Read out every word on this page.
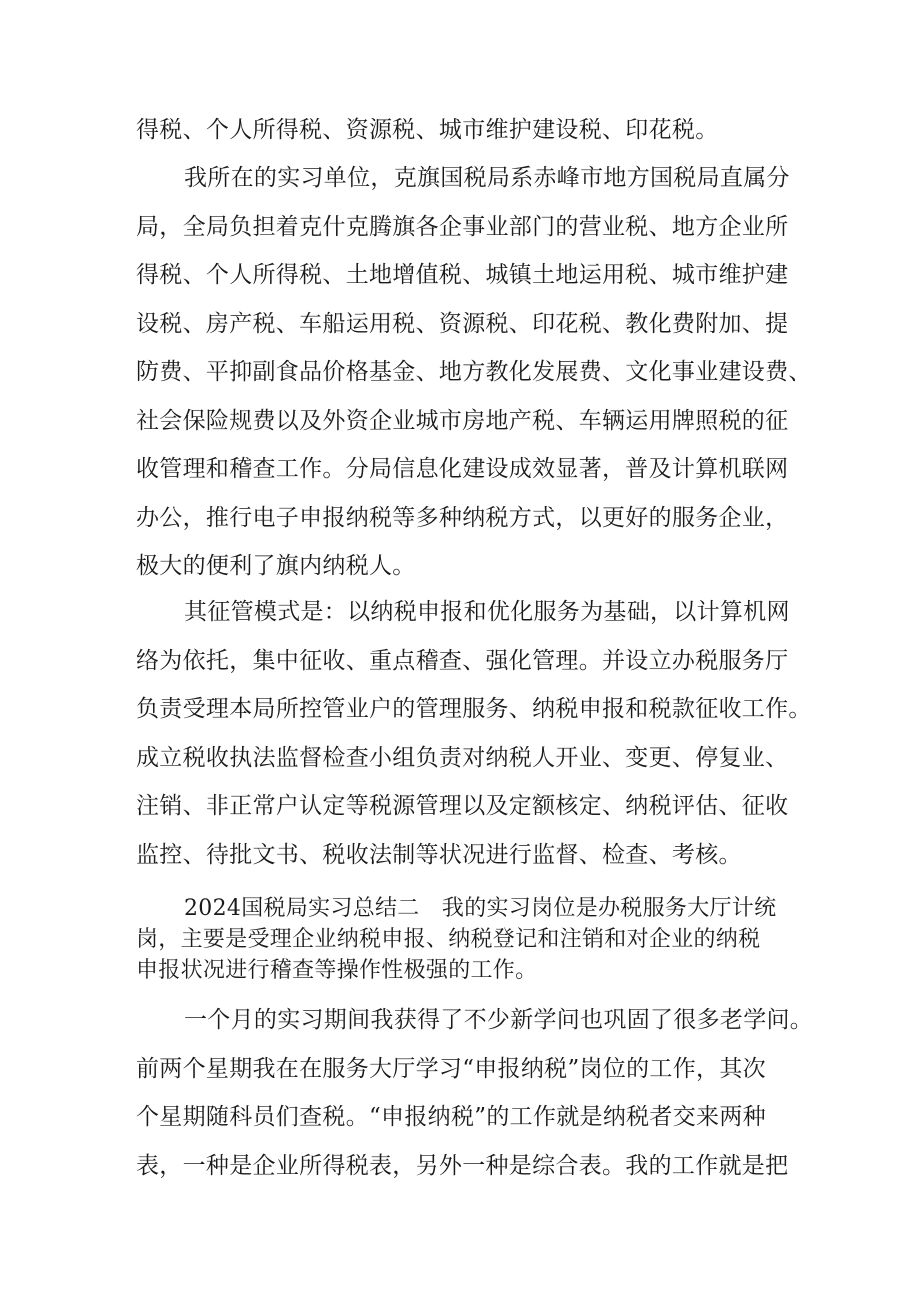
得税、个人所得税、资源税、城市维护建设税、印花税。
我所在的实习单位，克旗国税局系赤峰市地方国税局直属分
局，全局负担着克什克腾旗各企事业部门的营业税、地方企业所
得税、个人所得税、土地增值税、城镇土地运用税、城市维护建
设税、房产税、车船运用税、资源税、印花税、教化费附加、提
防费、平抑副食品价格基金、地方教化发展费、文化事业建设费、
社会保险规费以及外资企业城市房地产税、车辆运用牌照税的征
收管理和稽查工作。分局信息化建设成效显著，普及计算机联网
办公，推行电子申报纳税等多种纳税方式，以更好的服务企业，
极大的便利了旗内纳税人。
其征管模式是：以纳税申报和优化服务为基础，以计算机网
络为依托，集中征收、重点稽查、强化管理。并设立办税服务厅
负责受理本局所控管业户的管理服务、纳税申报和税款征收工作。
成立税收执法监督检查小组负责对纳税人开业、变更、停复业、
注销、非正常户认定等税源管理以及定额核定、纳税评估、征收
监控、待批文书、税收法制等状况进行监督、检查、考核。
2024国税局实习总结二　我的实习岗位是办税服务大厅计统
岗，主要是受理企业纳税申报、纳税登记和注销和对企业的纳税
申报状况进行稽查等操作性极强的工作。
一个月的实习期间我获得了不少新学问也巩固了很多老学问。
前两个星期我在在服务大厅学习“申报纳税”岗位的工作，其次
个星期随科员们查税。“申报纳税”的工作就是纳税者交来两种
表，一种是企业所得税表，另外一种是综合表。我的工作就是把
